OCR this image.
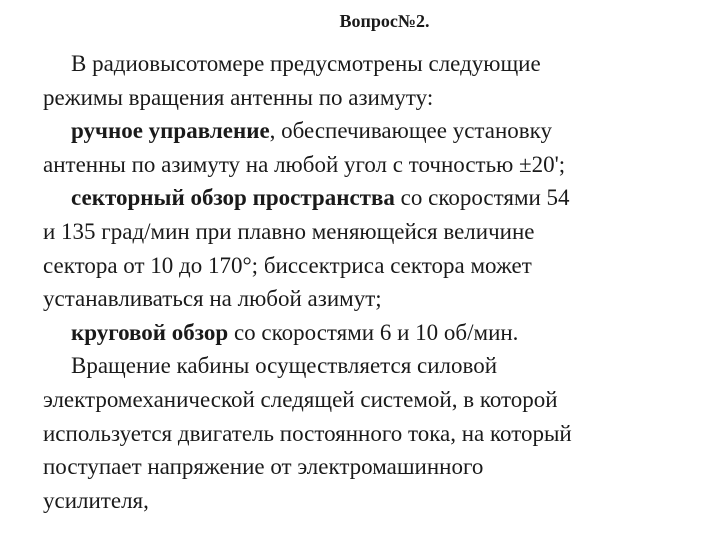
Вопрос№2.
В радиовысотомере предусмотрены следующие
режимы вращения антенны по азимуту:
ручное управление, обеспечивающее установку
антенны по азимуту на любой угол с точностью ±20';
секторный обзор пространства со скоростями 54
и 135 град/мин при плавно меняющейся величине
сектора от 10 до 170°; биссектриса сектора может
устанавливаться на любой азимут;
круговой обзор со скоростями 6 и 10 об/мин.
Вращение кабины осуществляется силовой
электромеханической следящей системой, в которой
используется двигатель постоянного тока, на который
поступает напряжение от электромашинного
усилителя,
